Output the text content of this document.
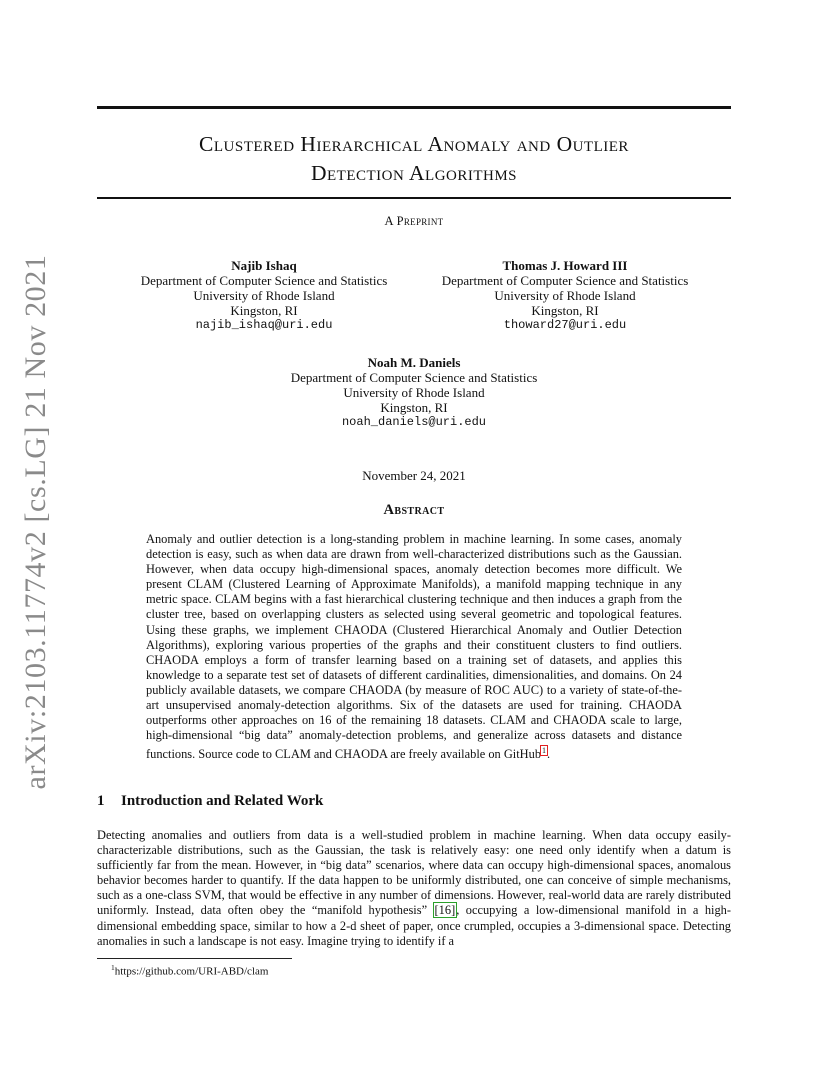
Clustered Hierarchical Anomaly and Outlier
Detection Algorithms
A Preprint
Najib Ishaq
Department of Computer Science and Statistics
University of Rhode Island
Kingston, RI
najib_ishaq@uri.edu
Thomas J. Howard III
Department of Computer Science and Statistics
University of Rhode Island
Kingston, RI
thoward27@uri.edu
Noah M. Daniels
Department of Computer Science and Statistics
University of Rhode Island
Kingston, RI
noah_daniels@uri.edu
November 24, 2021
Abstract

Anomaly and outlier detection is a long-standing problem in machine learning. In some cases, anomaly detection is easy, such as when data are drawn from well-characterized distributions such as the Gaussian. However, when data occupy high-dimensional spaces, anomaly detection becomes more difficult. We present CLAM (Clustered Learning of Approximate Manifolds), a manifold mapping technique in any metric space. CLAM begins with a fast hierarchical clustering technique and then induces a graph from the cluster tree, based on overlapping clusters as selected using several geometric and topological features. Using these graphs, we implement CHAODA (Clustered Hierarchical Anomaly and Outlier Detection Algorithms), exploring various properties of the graphs and their constituent clusters to find outliers. CHAODA employs a form of transfer learning based on a training set of datasets, and applies this knowledge to a separate test set of datasets of different cardinalities, dimensionalities, and domains. On 24 publicly available datasets, we compare CHAODA (by measure of ROC AUC) to a variety of state-of-the-art unsupervised anomaly-detection algorithms. Six of the datasets are used for training. CHAODA outperforms other approaches on 16 of the remaining 18 datasets. CLAM and CHAODA scale to large, high-dimensional “big data” anomaly-detection problems, and generalize across datasets and distance functions. Source code to CLAM and CHAODA are freely available on GitHub$^1$.

1 Introduction and Related Work

Detecting anomalies and outliers from data is a well-studied problem in machine learning. When data occupy easily-characterizable distributions, such as the Gaussian, the task is relatively easy: one need only identify when a datum is sufficiently far from the mean. However, in “big data” scenarios, where data can occupy high-dimensional spaces, anomalous behavior becomes harder to quantify. If the data happen to be uniformly distributed, one can conceive of simple mechanisms, such as a one-class SVM, that would be effective in any number of dimensions. However, real-world data are rarely distributed uniformly. Instead, data often obey the “manifold hypothesis” [16], occupying a low-dimensional manifold in a high-dimensional embedding space, similar to how a 2-d sheet of paper, once crumpled, occupies a 3-dimensional space. Detecting anomalies in such a landscape is not easy. Imagine trying to identify if a

$^1$https://github.com/URI-ABD/clam
arXiv:2103.11774v2 [cs.LG] 21 Nov 2021
